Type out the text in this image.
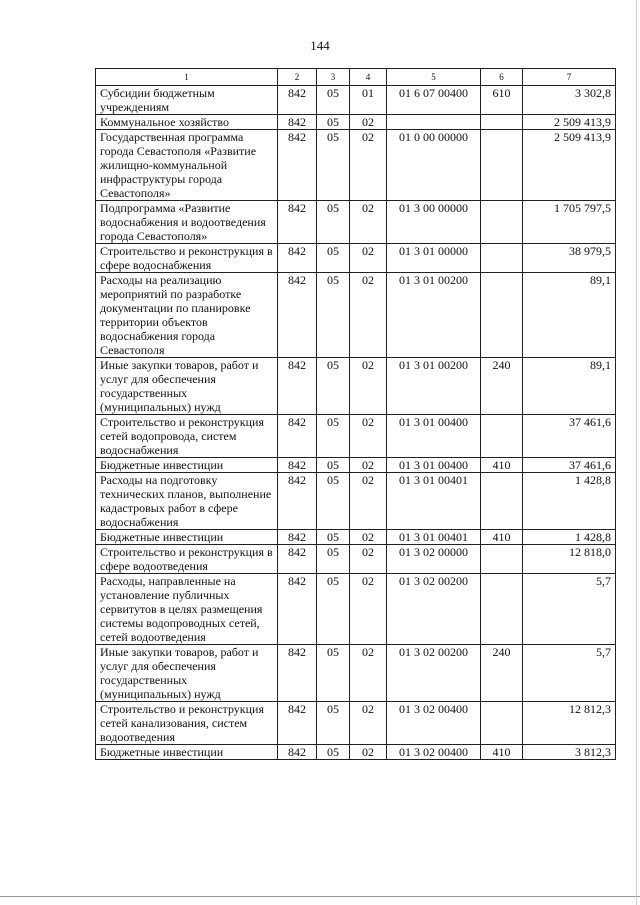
144
1	2	3	4	5	6	7
Субсидии бюджетным учреждениям	842	05	01	01 6 07 00400	610	3 302,8
Коммунальное хозяйство	842	05	02			2 509 413,9
Государственная программа города Севастополя «Развитие жилищно-коммунальной инфраструктуры города Севастополя»	842	05	02	01 0 00 00000		2 509 413,9
Подпрограмма «Развитие водоснабжения и водоотведения города Севастополя»	842	05	02	01 3 00 00000		1 705 797,5
Строительство и реконструкция в сфере водоснабжения	842	05	02	01 3 01 00000		38 979,5
Расходы на реализацию мероприятий по разработке документации по планировке территории объектов водоснабжения города Севастополя	842	05	02	01 3 01 00200		89,1
Иные закупки товаров, работ и услуг для обеспечения государственных (муниципальных) нужд	842	05	02	01 3 01 00200	240	89,1
Строительство и реконструкция сетей водопровода, систем водоснабжения	842	05	02	01 3 01 00400		37 461,6
Бюджетные инвестиции	842	05	02	01 3 01 00400	410	37 461,6
Расходы на подготовку технических планов, выполнение кадастровых работ в сфере водоснабжения	842	05	02	01 3 01 00401		1 428,8
Бюджетные инвестиции	842	05	02	01 3 01 00401	410	1 428,8
Строительство и реконструкция в сфере водоотведения	842	05	02	01 3 02 00000		12 818,0
Расходы, направленные на установление публичных сервитутов в целях размещения системы водопроводных сетей, сетей водоотведения	842	05	02	01 3 02 00200		5,7
Иные закупки товаров, работ и услуг для обеспечения государственных (муниципальных) нужд	842	05	02	01 3 02 00200	240	5,7
Строительство и реконструкция сетей канализования, систем водоотведения	842	05	02	01 3 02 00400		12 812,3
Бюджетные инвестиции	842	05	02	01 3 02 00400	410	3 812,3
